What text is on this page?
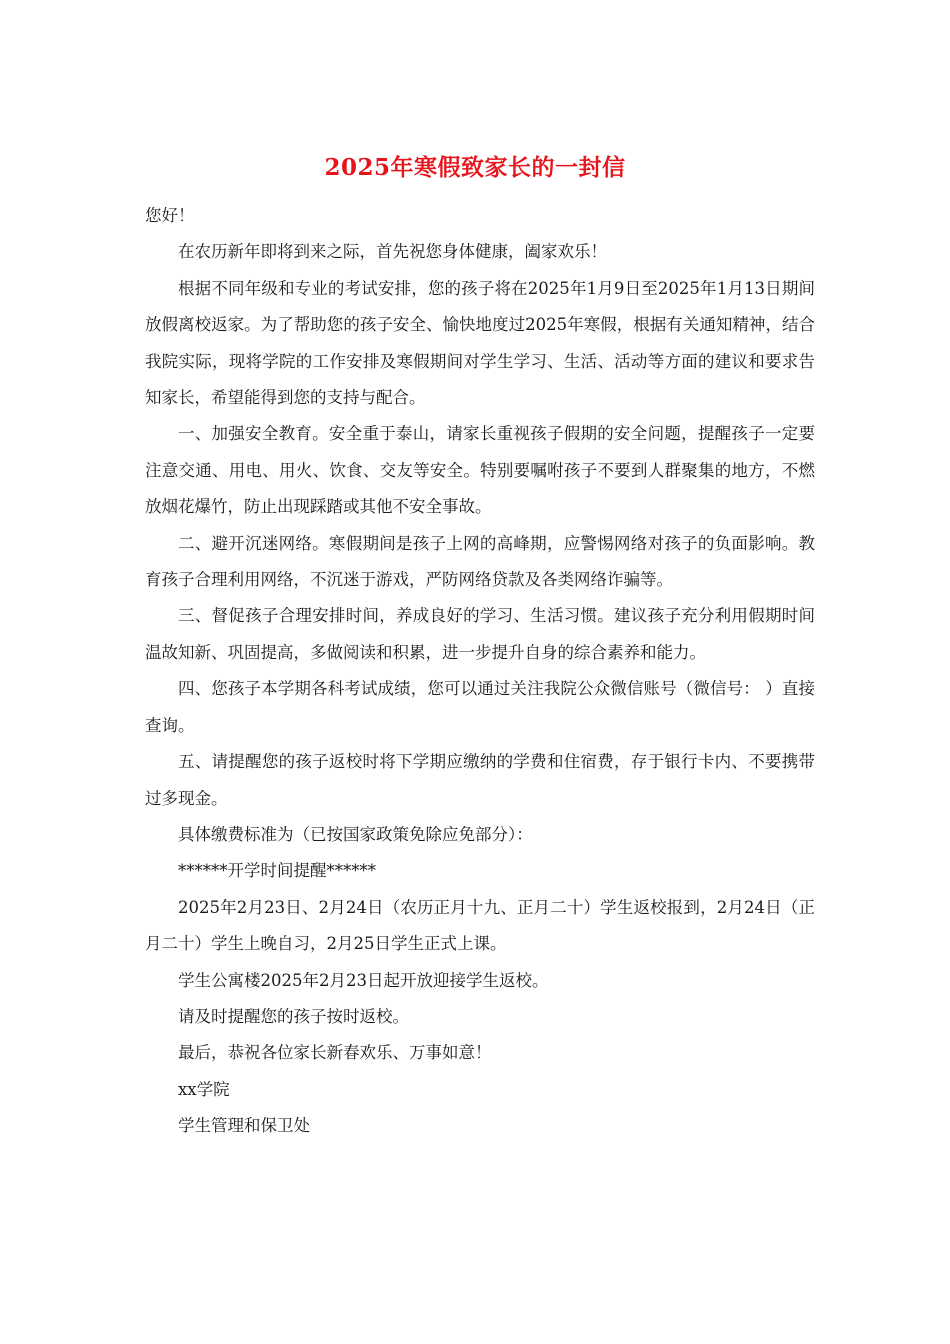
2025年寒假致家长的一封信

您好！

在农历新年即将到来之际，首先祝您身体健康，阖家欢乐！

根据不同年级和专业的考试安排，您的孩子将在2025年1月9日至2025年1月13日期间放假离校返家。为了帮助您的孩子安全、愉快地度过2025年寒假，根据有关通知精神，结合我院实际，现将学院的工作安排及寒假期间对学生学习、生活、活动等方面的建议和要求告知家长，希望能得到您的支持与配合。

一、加强安全教育。安全重于泰山，请家长重视孩子假期的安全问题，提醒孩子一定要注意交通、用电、用火、饮食、交友等安全。特别要嘱咐孩子不要到人群聚集的地方，不燃放烟花爆竹，防止出现踩踏或其他不安全事故。

二、避开沉迷网络。寒假期间是孩子上网的高峰期，应警惕网络对孩子的负面影响。教育孩子合理利用网络，不沉迷于游戏，严防网络贷款及各类网络诈骗等。

三、督促孩子合理安排时间，养成良好的学习、生活习惯。建议孩子充分利用假期时间温故知新、巩固提高，多做阅读和积累，进一步提升自身的综合素养和能力。

四、您孩子本学期各科考试成绩，您可以通过关注我院公众微信账号（微信号： ）直接查询。

五、请提醒您的孩子返校时将下学期应缴纳的学费和住宿费，存于银行卡内、不要携带过多现金。

具体缴费标准为（已按国家政策免除应免部分）：

******开学时间提醒******

2025年2月23日、2月24日（农历正月十九、正月二十）学生返校报到，2月24日（正月二十）学生上晚自习，2月25日学生正式上课。

学生公寓楼2025年2月23日起开放迎接学生返校。

请及时提醒您的孩子按时返校。

最后，恭祝各位家长新春欢乐、万事如意！

xx学院

学生管理和保卫处
